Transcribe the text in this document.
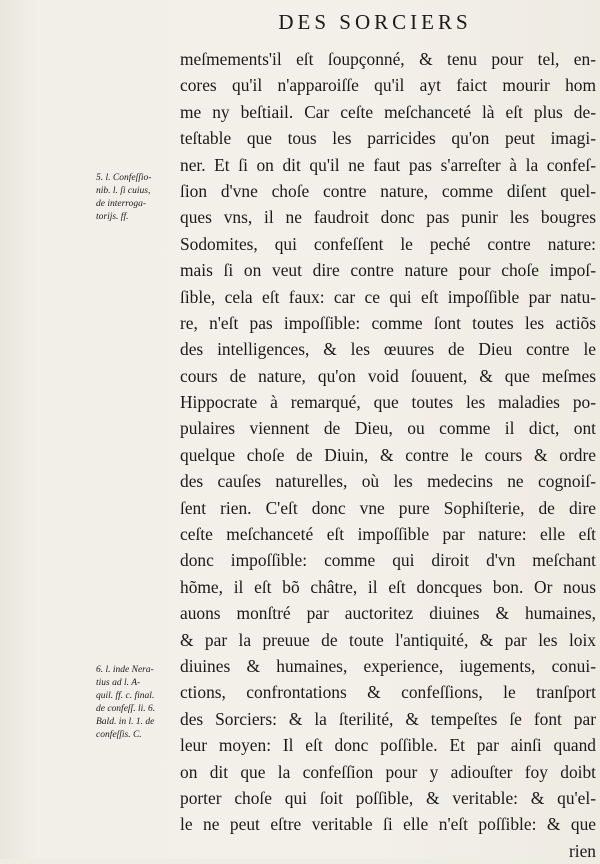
DES SORCIERS
meſmements'il eſt ſoupçonné, & tenu pour tel, en-
cores qu'il n'apparoiſſe qu'il ayt faict mourir hom
me ny beſtiail. Car ceſte meſchanceté là eſt plus de-
teſtable que tous les parricides qu'on peut imagi-
ner. Et ſi on dit qu'il ne faut pas s'arreſter à la confeſ-
ſion d'vne choſe contre nature, comme diſent quel-
ques vns, il ne faudroit donc pas punir les bougres
Sodomites, qui confeſſent le peché contre nature:
mais ſi on veut dire contre nature pour choſe impoſ-
ſible, cela eſt faux: car ce qui eſt impoſſible par natu-
re, n'eſt pas impoſſible: comme ſont toutes les actiõs
des intelligences, & les œuures de Dieu contre le
cours de nature, qu'on void ſouuent, & que meſmes
Hippocrate à remarqué, que toutes les maladies po-
pulaires viennent de Dieu, ou comme il dict, ont
quelque choſe de Diuin, & contre le cours & ordre
des cauſes naturelles, où les medecins ne cognoiſ-
ſent rien. C'eſt donc vne pure Sophiſterie, de dire
ceſte meſchanceté eſt impoſſible par nature: elle eſt
donc impoſſible: comme qui diroit d'vn meſchant
hõme, il eſt bõ châtre, il eſt doncques bon. Or nous
auons monſtré par auctoritez diuines & humaines,
& par la preuue de toute l'antiquité, & par les loix
diuines & humaines, experience, iugements, conui-
ctions, confrontations & confeſſions, le tranſport
des Sorciers: & la ſterilité, & tempeſtes ſe font par
leur moyen: Il eſt donc poſſible. Et par ainſi quand
on dit que la confeſſion pour y adiouſter foy doibt
porter choſe qui ſoit poſſible, & veritable: & qu'el-
le ne peut eſtre veritable ſi elle n'eſt poſſible: & que
rien
5. l. Confeſſio-
nib. l. ſi cuius,
de interroga-
torijs. ff.
6. l. inde Nera-
tius ad l. A-
quil. ff. c. final.
de confeſſ. li. 6.
Bald. in l. 1. de
confeſſis. C.
